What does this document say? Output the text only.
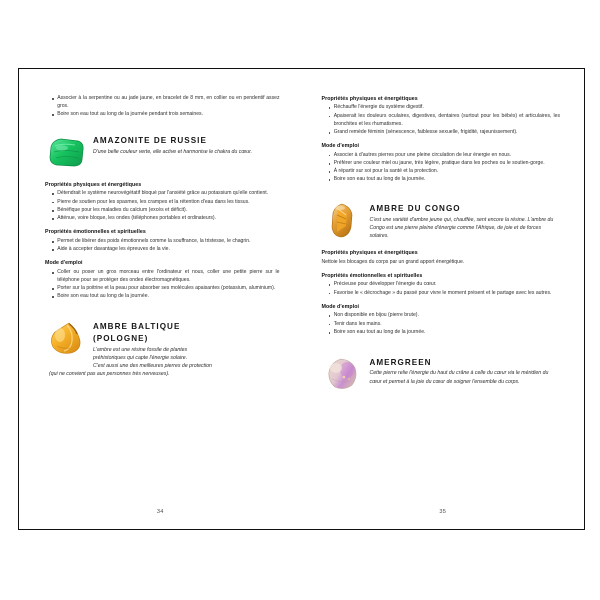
Associer à la serpentine ou au jade jaune, en bracelet de 8 mm, en collier ou en pendentif assez gros.
Boire son eau tout au long de la journée pendant trois semaines.
AMAZONITE DE RUSSIE
D'une belle couleur verte, elle active et harmonise le chakra du cœur.
Propriétés physiques et énergétiques
Détendrait le système neurovégétatif bloqué par l'anxiété grâce au potassium qu'elle contient.
Pierre de soutien pour les spasmes, les crampes et la rétention d'eau dans les tissus.
Bénéfique pour les maladies du calcium (excès et déficit).
Atténue, voire bloque, les ondes (téléphones portables et ordinateurs).
Propriétés émotionnelles et spirituelles
Permet de libérer des poids émotionnels comme la souffrance, la tristesse, le chagrin.
Aide à accepter davantage les épreuves de la vie.
Mode d'emploi
Coller ou poser un gros morceau entre l'ordinateur et nous, coller une petite pierre sur le téléphone pour se protéger des ondes électromagnétiques.
Porter sur la poitrine et la peau pour absorber ses molécules apaisantes (potassium, aluminium).
Boire son eau tout au long de la journée.
AMBRE BALTIQUE
(POLOGNE)
L'ambre est une résine fossile de plantes
préhistoriques qui capte l'énergie solaire.
C'est aussi une des meilleures pierres de protection
(qui ne convient pas aux personnes très nerveuses).
34
Propriétés physiques et énergétiques
Réchauffe l'énergie du système digestif.
Apaiserait les douleurs oculaires, digestives, dentaires (surtout pour les bébés) et articulaires, les bronchites et les rhumatismes.
Grand remède féminin (sénescence, faiblesse sexuelle, frigidité, rajeunissement).
Mode d'emploi
Associer à d'autres pierres pour une pleine circulation de leur énergie en nous.
Préférer une couleur miel ou jaune, très légère, pratique dans les poches ou le soutien-gorge.
À répartir sur soi pour la santé et la protection.
Boire son eau tout au long de la journée.
AMBRE DU CONGO
C'est une variété d'ambre jeune qui, chauffée, sent encore la résine. L'ambre du Congo est une pierre pleine d'énergie comme l'Afrique, de joie et de forces solaires.
Propriétés physiques et énergétiques
Nettoie les blocages du corps par un grand apport énergétique.
Propriétés émotionnelles et spirituelles
Précieuse pour développer l'énergie du cœur.
Favorise le « décrochage » du passé pour vivre le moment présent et le partage avec les autres.
Mode d'emploi
Non disponible en bijou (pierre brute).
Tenir dans les mains.
Boire son eau tout au long de la journée.
AMERGREEN
Cette pierre relie l'énergie du haut du crâne à celle du cœur via le méridien du cœur et permet à la joie du cœur de soigner l'ensemble du corps.
35
